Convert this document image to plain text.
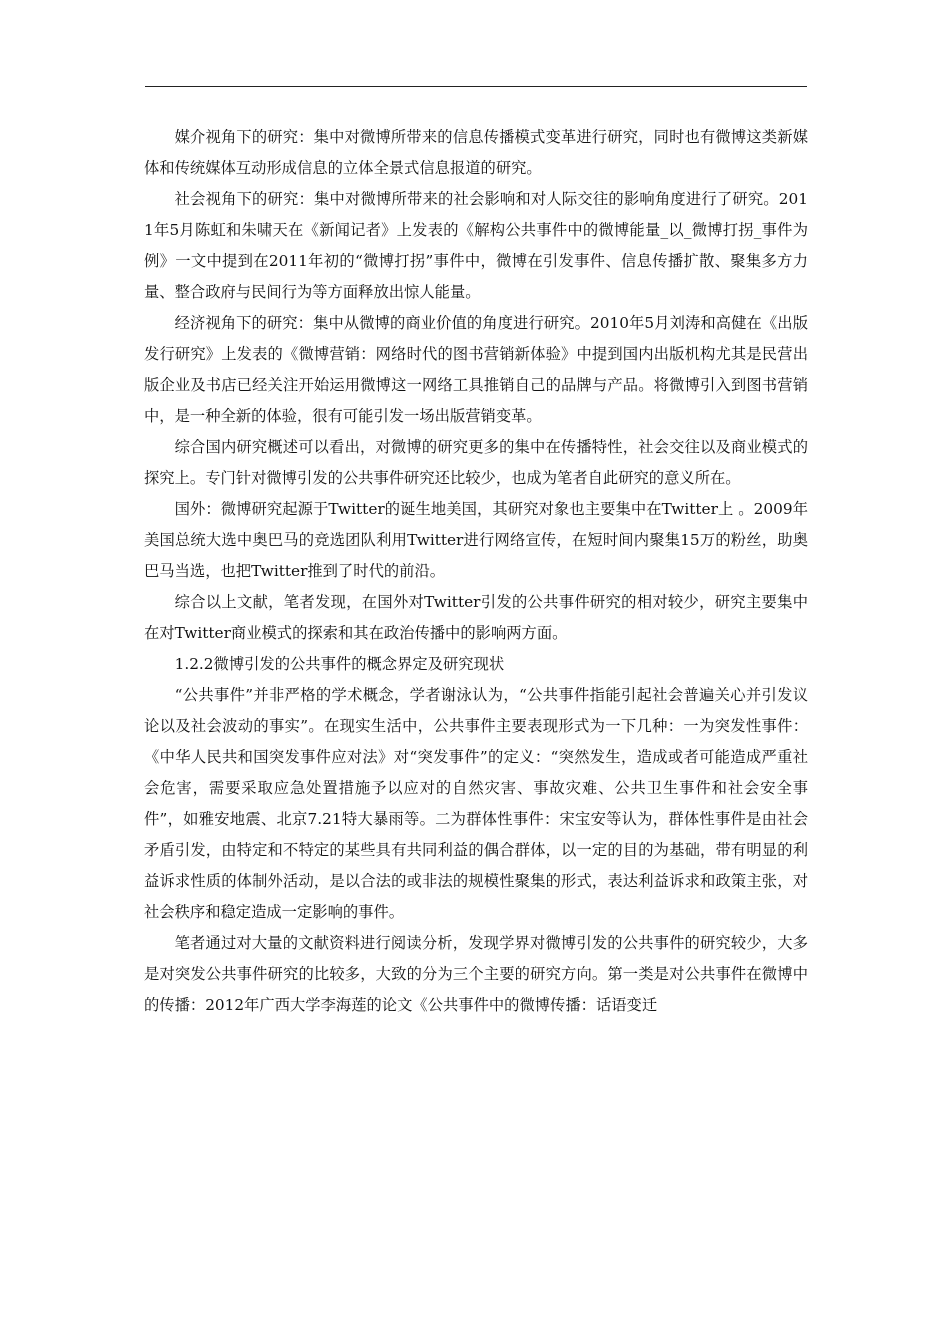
媒介视角下的研究：集中对微博所带来的信息传播模式变革进行研究，同时也有微博这类新媒体和传统媒体互动形成信息的立体全景式信息报道的研究。

社会视角下的研究：集中对微博所带来的社会影响和对人际交往的影响角度进行了研究。2011年5月陈虹和朱啸天在《新闻记者》上发表的《解构公共事件中的微博能量_以_微博打拐_事件为例》一文中提到在2011年初的“微博打拐”事件中，微博在引发事件、信息传播扩散、聚集多方力量、整合政府与民间行为等方面释放出惊人能量。

经济视角下的研究：集中从微博的商业价值的角度进行研究。2010年5月刘涛和高健在《出版发行研究》上发表的《微博营销：网络时代的图书营销新体验》中提到国内出版机构尤其是民营出版企业及书店已经关注开始运用微博这一网络工具推销自己的品牌与产品。将微博引入到图书营销中，是一种全新的体验，很有可能引发一场出版营销变革。

综合国内研究概述可以看出，对微博的研究更多的集中在传播特性，社会交往以及商业模式的探究上。专门针对微博引发的公共事件研究还比较少，也成为笔者自此研究的意义所在。

国外：微博研究起源于Twitter的诞生地美国，其研究对象也主要集中在Twitter上 。2009年美国总统大选中奥巴马的竞选团队利用Twitter进行网络宣传，在短时间内聚集15万的粉丝，助奥巴马当选，也把Twitter推到了时代的前沿。

综合以上文献，笔者发现，在国外对Twitter引发的公共事件研究的相对较少，研究主要集中在对Twitter商业模式的探索和其在政治传播中的影响两方面。

1.2.2微博引发的公共事件的概念界定及研究现状

“公共事件”并非严格的学术概念，学者谢泳认为，“公共事件指能引起社会普遍关心并引发议论以及社会波动的事实”。在现实生活中，公共事件主要表现形式为一下几种：一为突发性事件：《中华人民共和国突发事件应对法》对“突发事件”的定义：“突然发生，造成或者可能造成严重社会危害，需要采取应急处置措施予以应对的自然灾害、事故灾难、公共卫生事件和社会安全事件”，如雅安地震、北京7.21特大暴雨等。二为群体性事件：宋宝安等认为，群体性事件是由社会矛盾引发，由特定和不特定的某些具有共同利益的偶合群体，以一定的目的为基础，带有明显的利益诉求性质的体制外活动，是以合法的或非法的规模性聚集的形式，表达利益诉求和政策主张，对社会秩序和稳定造成一定影响的事件。

笔者通过对大量的文献资料进行阅读分析，发现学界对微博引发的公共事件的研究较少，大多是对突发公共事件研究的比较多，大致的分为三个主要的研究方向。第一类是对公共事件在微博中的传播：2012年广西大学李海莲的论文《公共事件中的微博传播：话语变迁
